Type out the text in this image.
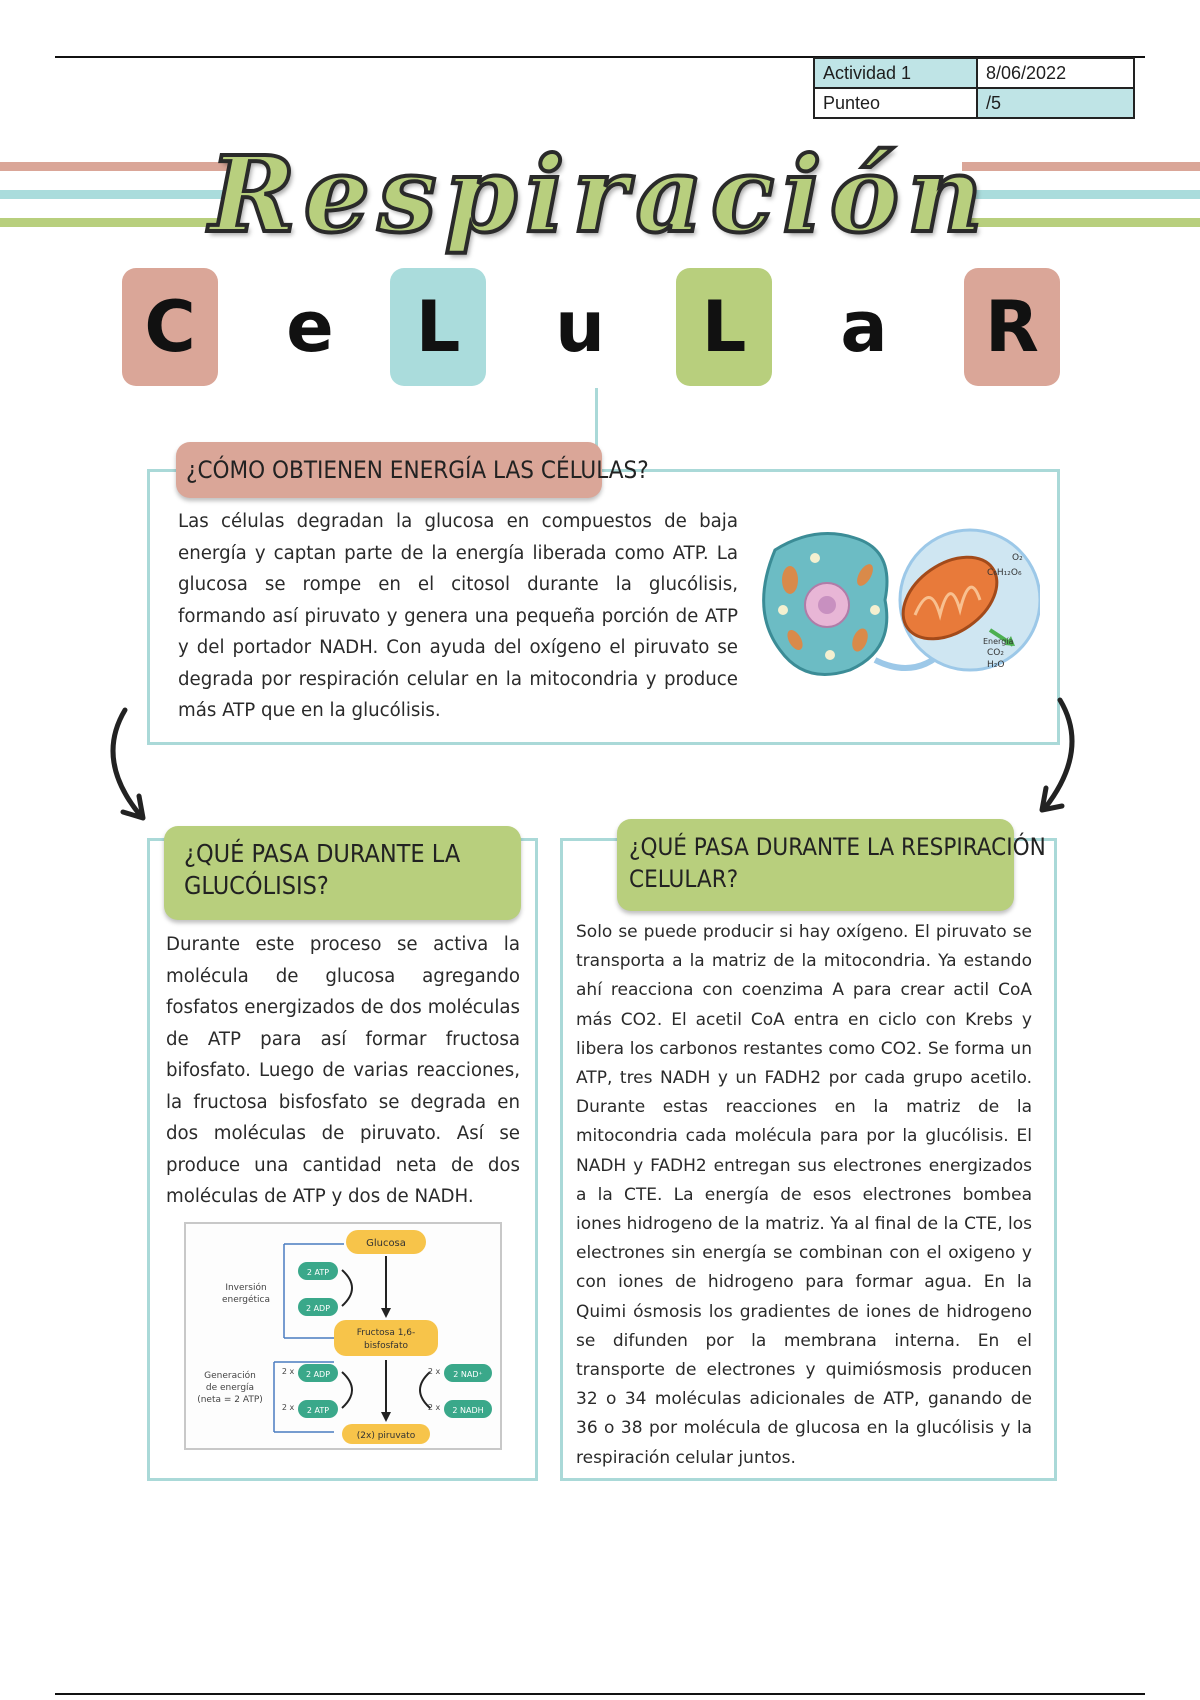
Actividad 1	8/06/2022
Punteo	/5
Respiración
C	e	L	u	L	a	R
¿CÓMO OBTIENEN ENERGÍA LAS CÉLULAS?
Las células degradan la glucosa en compuestos de baja energía y captan parte de la energía liberada como ATP. La glucosa se rompe en el citosol durante la glucólisis, formando así piruvato y genera una pequeña porción de ATP y del portador NADH. Con ayuda del oxígeno el piruvato se degrada por respiración celular en la mitocondria y produce más ATP que en la glucólisis.
O₂
C₆H₁₂O₆
Energía
CO₂
H₂O
¿QUÉ PASA DURANTE LA
GLUCÓLISIS?
Durante este proceso se activa la molécula de glucosa agregando fosfatos energizados de dos moléculas de ATP para así formar fructosa bifosfato. Luego de varias reacciones, la fructosa bisfosfato se degrada en dos moléculas de piruvato. Así se produce una cantidad neta de dos moléculas de ATP y dos de NADH.
Glucosa
2 ATP
2 ADP
Inversión
energética
Fructosa 1,6-
bisfosfato
Generación
de energía
(neta = 2 ATP)
2 x 2 ADP
2 x 2 ATP
2 x 2 NAD⁺
2 x 2 NADH
(2x) piruvato
¿QUÉ PASA DURANTE LA RESPIRACIÓN
CELULAR?
Solo se puede producir si hay oxígeno. El piruvato se transporta a la matriz de la mitocondria. Ya estando ahí reacciona con coenzima A para crear actil CoA más CO2. El acetil CoA entra en ciclo con Krebs y libera los carbonos restantes como CO2. Se forma un ATP, tres NADH y un FADH2 por cada grupo acetilo. Durante estas reacciones en la matriz de la mitocondria cada molécula para por la glucólisis. El NADH y FADH2 entregan sus electrones energizados a la CTE. La energía de esos electrones bombea iones hidrogeno de la matriz. Ya al final de la CTE, los electrones sin energía se combinan con el oxigeno y con iones de hidrogeno para formar agua. En la Quimi ósmosis los gradientes de iones de hidrogeno se difunden por la membrana interna. En el transporte de electrones y quimiósmosis producen 32 o 34 moléculas adicionales de ATP, ganando de 36 o 38 por molécula de glucosa en la glucólisis y la respiración celular juntos.
